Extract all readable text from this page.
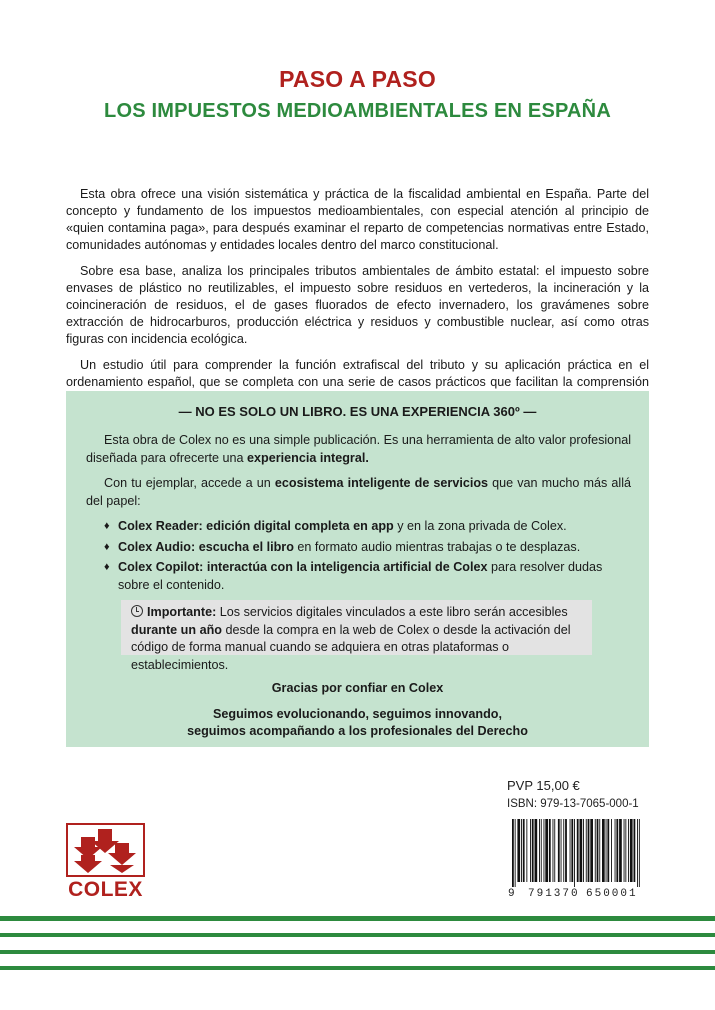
PASO A PASO
LOS IMPUESTOS MEDIOAMBIENTALES EN ESPAÑA

Esta obra ofrece una visión sistemática y práctica de la fiscalidad ambiental en España. Parte del concepto y fundamento de los impuestos medioambientales, con especial atención al principio de «quien contamina paga», para después examinar el reparto de competencias normativas entre Estado, comunidades autónomas y entidades locales dentro del marco constitucional.

Sobre esa base, analiza los principales tributos ambientales de ámbito estatal: el impuesto sobre envases de plástico no reutilizables, el impuesto sobre residuos en vertederos, la incineración y la coincineración de residuos, el de gases fluorados de efecto invernadero, los gravámenes sobre extracción de hidrocarburos, producción eléctrica y residuos y combustible nuclear, así como otras figuras con incidencia ecológica.

Un estudio útil para comprender la función extrafiscal del tributo y su aplicación práctica en el ordenamiento español, que se completa con una serie de casos prácticos que facilitan la comprensión

— NO ES SOLO UN LIBRO. ES UNA EXPERIENCIA 360º —

Esta obra de Colex no es una simple publicación. Es una herramienta de alto valor profesional diseñada para ofrecerte una experiencia integral.

Con tu ejemplar, accede a un ecosistema inteligente de servicios que van mucho más allá del papel:

♦ Colex Reader: edición digital completa en app y en la zona privada de Colex.
♦ Colex Audio: escucha el libro en formato audio mientras trabajas o te desplazas.
♦ Colex Copilot: interactúa con la inteligencia artificial de Colex para resolver dudas sobre el contenido.
Importante: Los servicios digitales vinculados a este libro serán accesibles durante un año desde la compra en la web de Colex o desde la activación del código de forma manual cuando se adquiera en otras plataformas o establecimientos.
Gracias por confiar en Colex
Seguimos evolucionando, seguimos innovando, seguimos acompañando a los profesionales del Derecho
PVP 15,00 €
ISBN: 979-13-7065-000-1
9 791370 650001
COLEX
